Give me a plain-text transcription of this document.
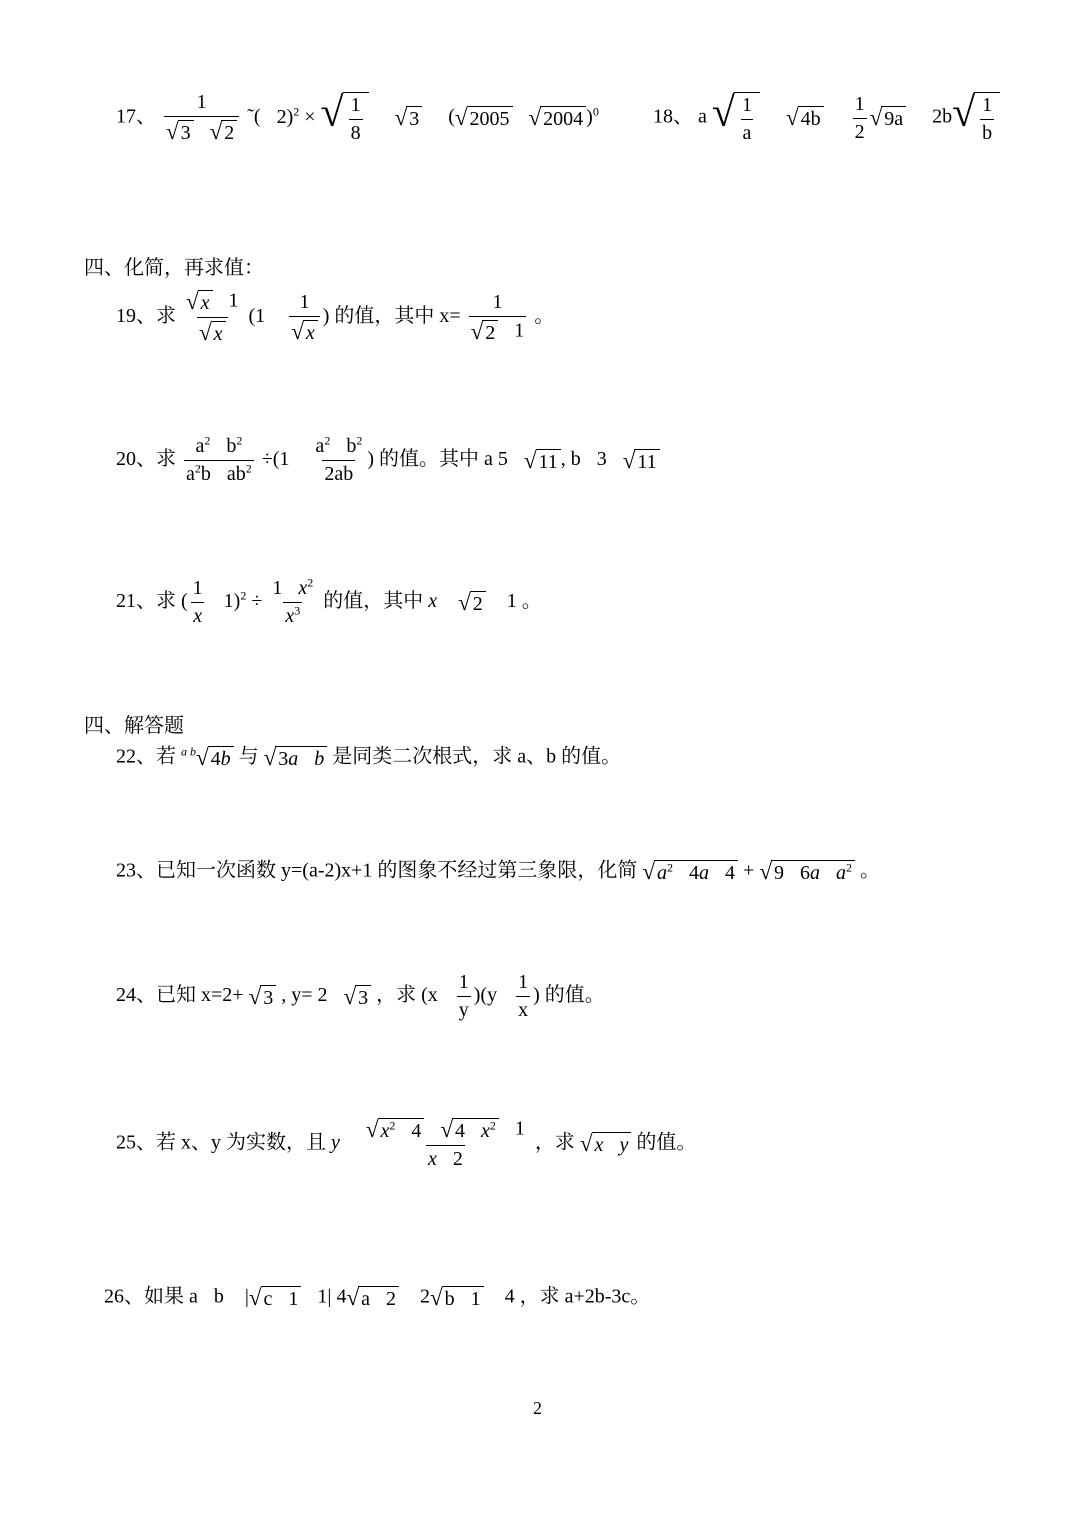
17、 $\frac{1}{√ 3 √ 2}$ ˜( 2)$^2$ × √ $\frac{1}{8}$
√ 3 ( √ 2005 √ 2004 )$^0$	18、 a √ $\frac{1}{a}$
√ 4b
$\frac{1}{2}$ √ 9a 2b √ $\frac{1}{b}$
四、化简，再求值：
19、求 $\frac{√ x 1}{√ x} (1 \frac{1}{√ x}$ ) 的值，其中 $x= \frac{1}{√ 2 1}$ 。
20、求 $\frac{a^2 b^2}{a^2b ab^2} \div(1 \frac{a^2 b^2}{2ab}$ ) 的值。其中 a 5 √ 11 , b 3 √ 11
21、求 ( $\frac{1}{x} 1)^2 \div \frac{1 x^2}{x^3}$ 的值，其中 x √ 2 1 。
四、解答题
22、若 $^{a b}$ √ 4b 与 √ 3a b 是同类二次根式，求 a、b 的值。
23、已知一次函数 y=(a-2)x+1 的图象不经过第三象限，化简 √ $a^2$ 4a 4 + √ 9 6a $a^2$ 。
24、已知 x=2+ √ 3 , y= 2 √ 3 ，求 $(x \frac{1}{y} )(y \frac{1}{x}$ ) 的值。
25、若 x、y 为实数，且 y $\frac{√ x^2 4 √ 4 x^2 1}{x 2}$ ，求 √ x y 的值。
26、如果 a b | √ c 1 1| 4 √ a 2 2 √ b 1 4 ，求 a+2b-3c。
2
